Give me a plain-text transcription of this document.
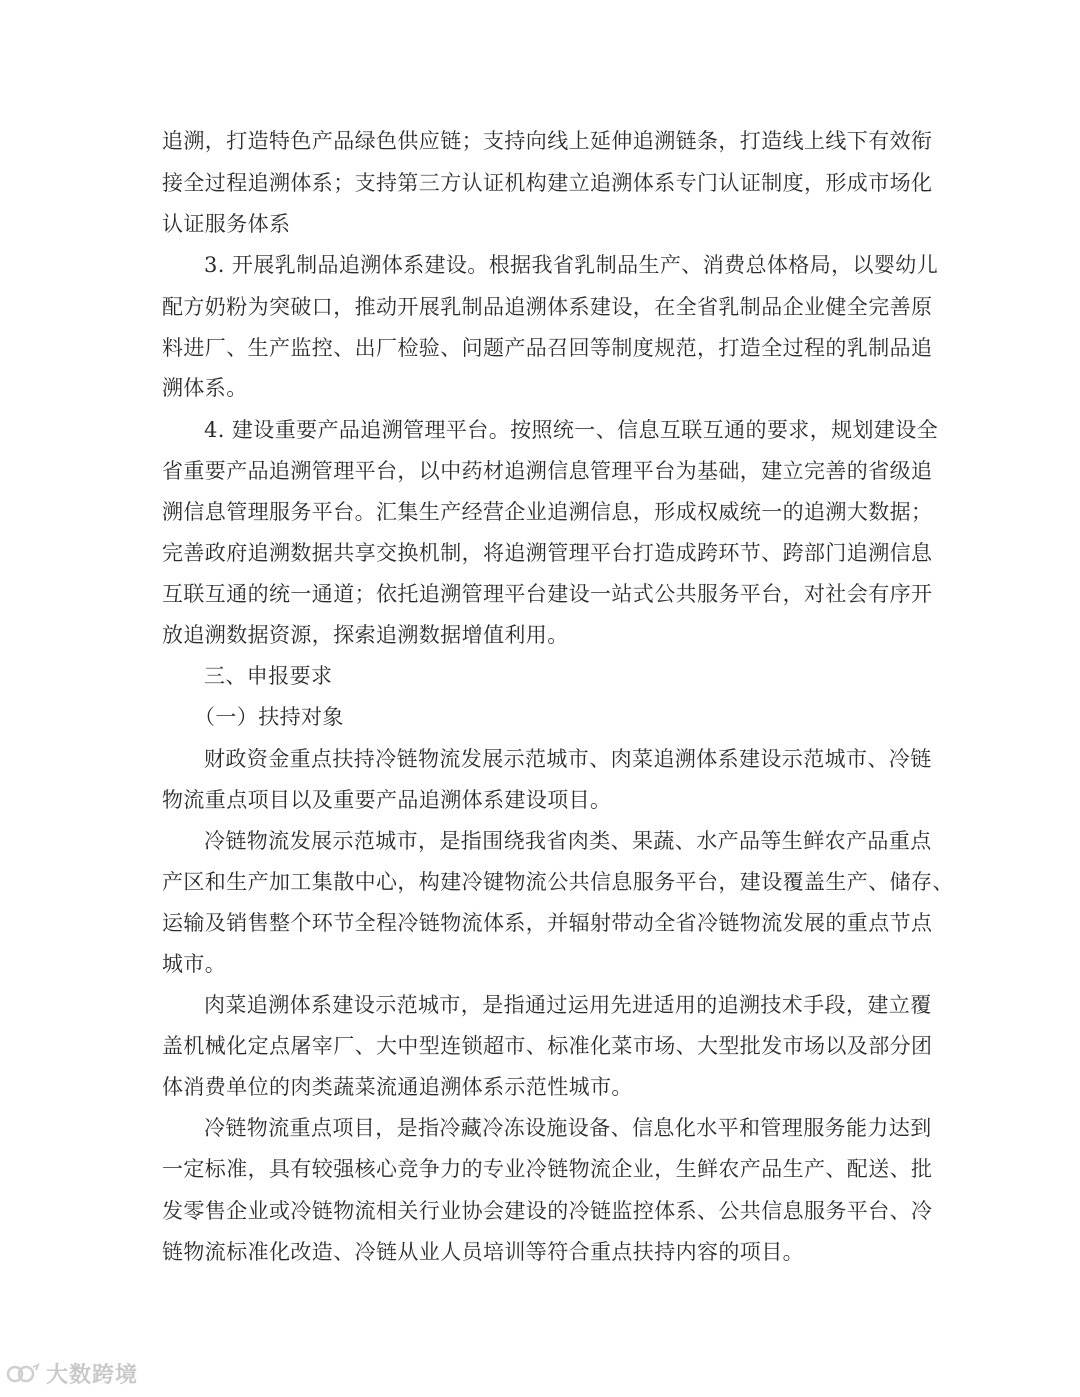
追溯，打造特色产品绿色供应链；支持向线上延伸追溯链条，打造线上线下有效衔
接全过程追溯体系；支持第三方认证机构建立追溯体系专门认证制度，形成市场化
认证服务体系
3. 开展乳制品追溯体系建设。根据我省乳制品生产、消费总体格局，以婴幼儿
配方奶粉为突破口，推动开展乳制品追溯体系建设，在全省乳制品企业健全完善原
料进厂、生产监控、出厂检验、问题产品召回等制度规范，打造全过程的乳制品追
溯体系。
4. 建设重要产品追溯管理平台。按照统一、信息互联互通的要求，规划建设全
省重要产品追溯管理平台，以中药材追溯信息管理平台为基础，建立完善的省级追
溯信息管理服务平台。汇集生产经营企业追溯信息，形成权威统一的追溯大数据；
完善政府追溯数据共享交换机制，将追溯管理平台打造成跨环节、跨部门追溯信息
互联互通的统一通道；依托追溯管理平台建设一站式公共服务平台，对社会有序开
放追溯数据资源，探索追溯数据增值利用。
三、申报要求
（一）扶持对象
财政资金重点扶持冷链物流发展示范城市、肉菜追溯体系建设示范城市、冷链
物流重点项目以及重要产品追溯体系建设项目。
冷链物流发展示范城市，是指围绕我省肉类、果蔬、水产品等生鲜农产品重点
产区和生产加工集散中心，构建冷键物流公共信息服务平台，建设覆盖生产、储存、
运输及销售整个环节全程冷链物流体系，并辐射带动全省冷链物流发展的重点节点
城市。
肉菜追溯体系建设示范城市，是指通过运用先进适用的追溯技术手段，建立覆
盖机械化定点屠宰厂、大中型连锁超市、标准化菜市场、大型批发市场以及部分团
体消费单位的肉类蔬菜流通追溯体系示范性城市。
冷链物流重点项目，是指冷藏冷冻设施设备、信息化水平和管理服务能力达到
一定标准，具有较强核心竞争力的专业冷链物流企业，生鲜农产品生产、配送、批
发零售企业或冷链物流相关行业协会建设的冷链监控体系、公共信息服务平台、冷
链物流标准化改造、冷链从业人员培训等符合重点扶持内容的项目。
大数跨境
